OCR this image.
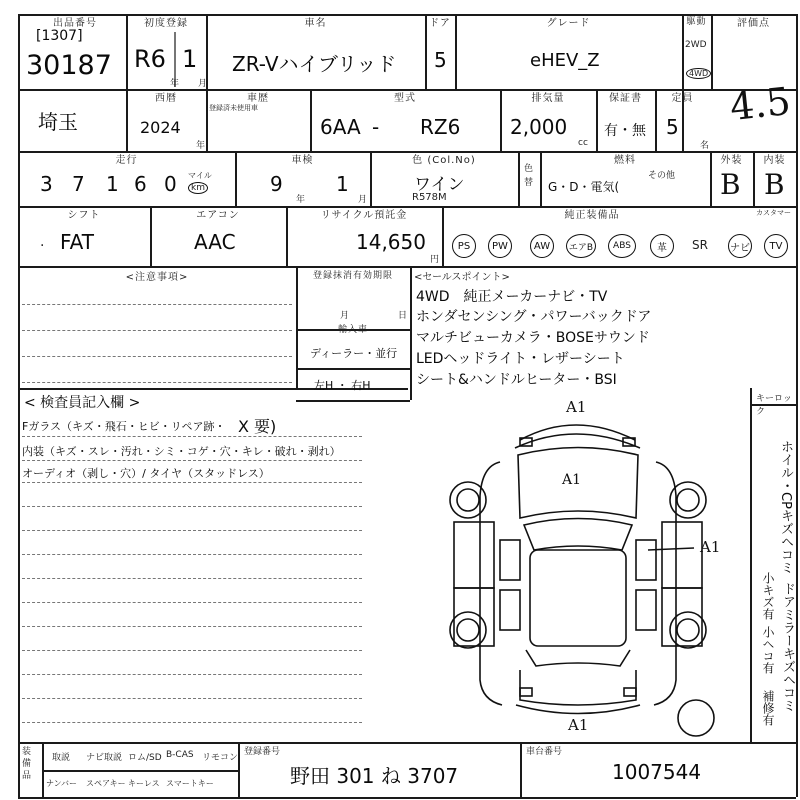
出品番号
[1307]
30187
初度登録
R6 1
年 月
車名
ZR-Vハイブリッド
ドア
5
グレード
eHEV_Z
駆動
2WD
4WD
評価点
4.5
埼玉
西暦
2024
年
車歴
登録済未使用車
型式
6AA - RZ6
排気量
2,000
cc
保証書
有・無
定員
5
名
走行
3 7 1 6 0 マイル
km
車検
9
年
1
月
色 (Col.No)
ワイン
R578M
色替
燃料
G・D・電気(
その他
外装
B
内装
B
シフト
· FAT
エアコン
AAC
リサイクル預託金
14,650
円
純正装備品	カスタマー
PS	PW	AW	エアB	ABS	革	SR ナビ	TV
<注意事項>	登録抹消有効期限
月	日
輸入車
ディーラー・並行
左H ・ 右H
<セールスポイント>
4WD　純正メーカーナビ・TV
ホンダセンシング・パワーバックドア
マルチビューカメラ・BOSEサウンド
LEDヘッドライト・レザーシート
シート&ハンドルヒーター・BSI
< 検査員記入欄 >
Fガラス（キズ・飛石・ヒビ・リペア跡・ X 要)
内装（キズ・スレ・汚れ・シミ・コゲ・穴・キレ・破れ・剥れ）
オーディオ（剥し・穴）/ タイヤ（スタッドレス）
キーロック
ホイル・CPキズヘコミ
小キズ有 ドアミラーキズヘコミ
小ヘコ有
補修有
A1
A1
A1
A1
装備品
取説 ナビ取説 ロム/SD B-CAS リモコン
ナンバー スペアキー キーレス スマートキー
登録番号
野田 301 ね 3707
車台番号
1007544
